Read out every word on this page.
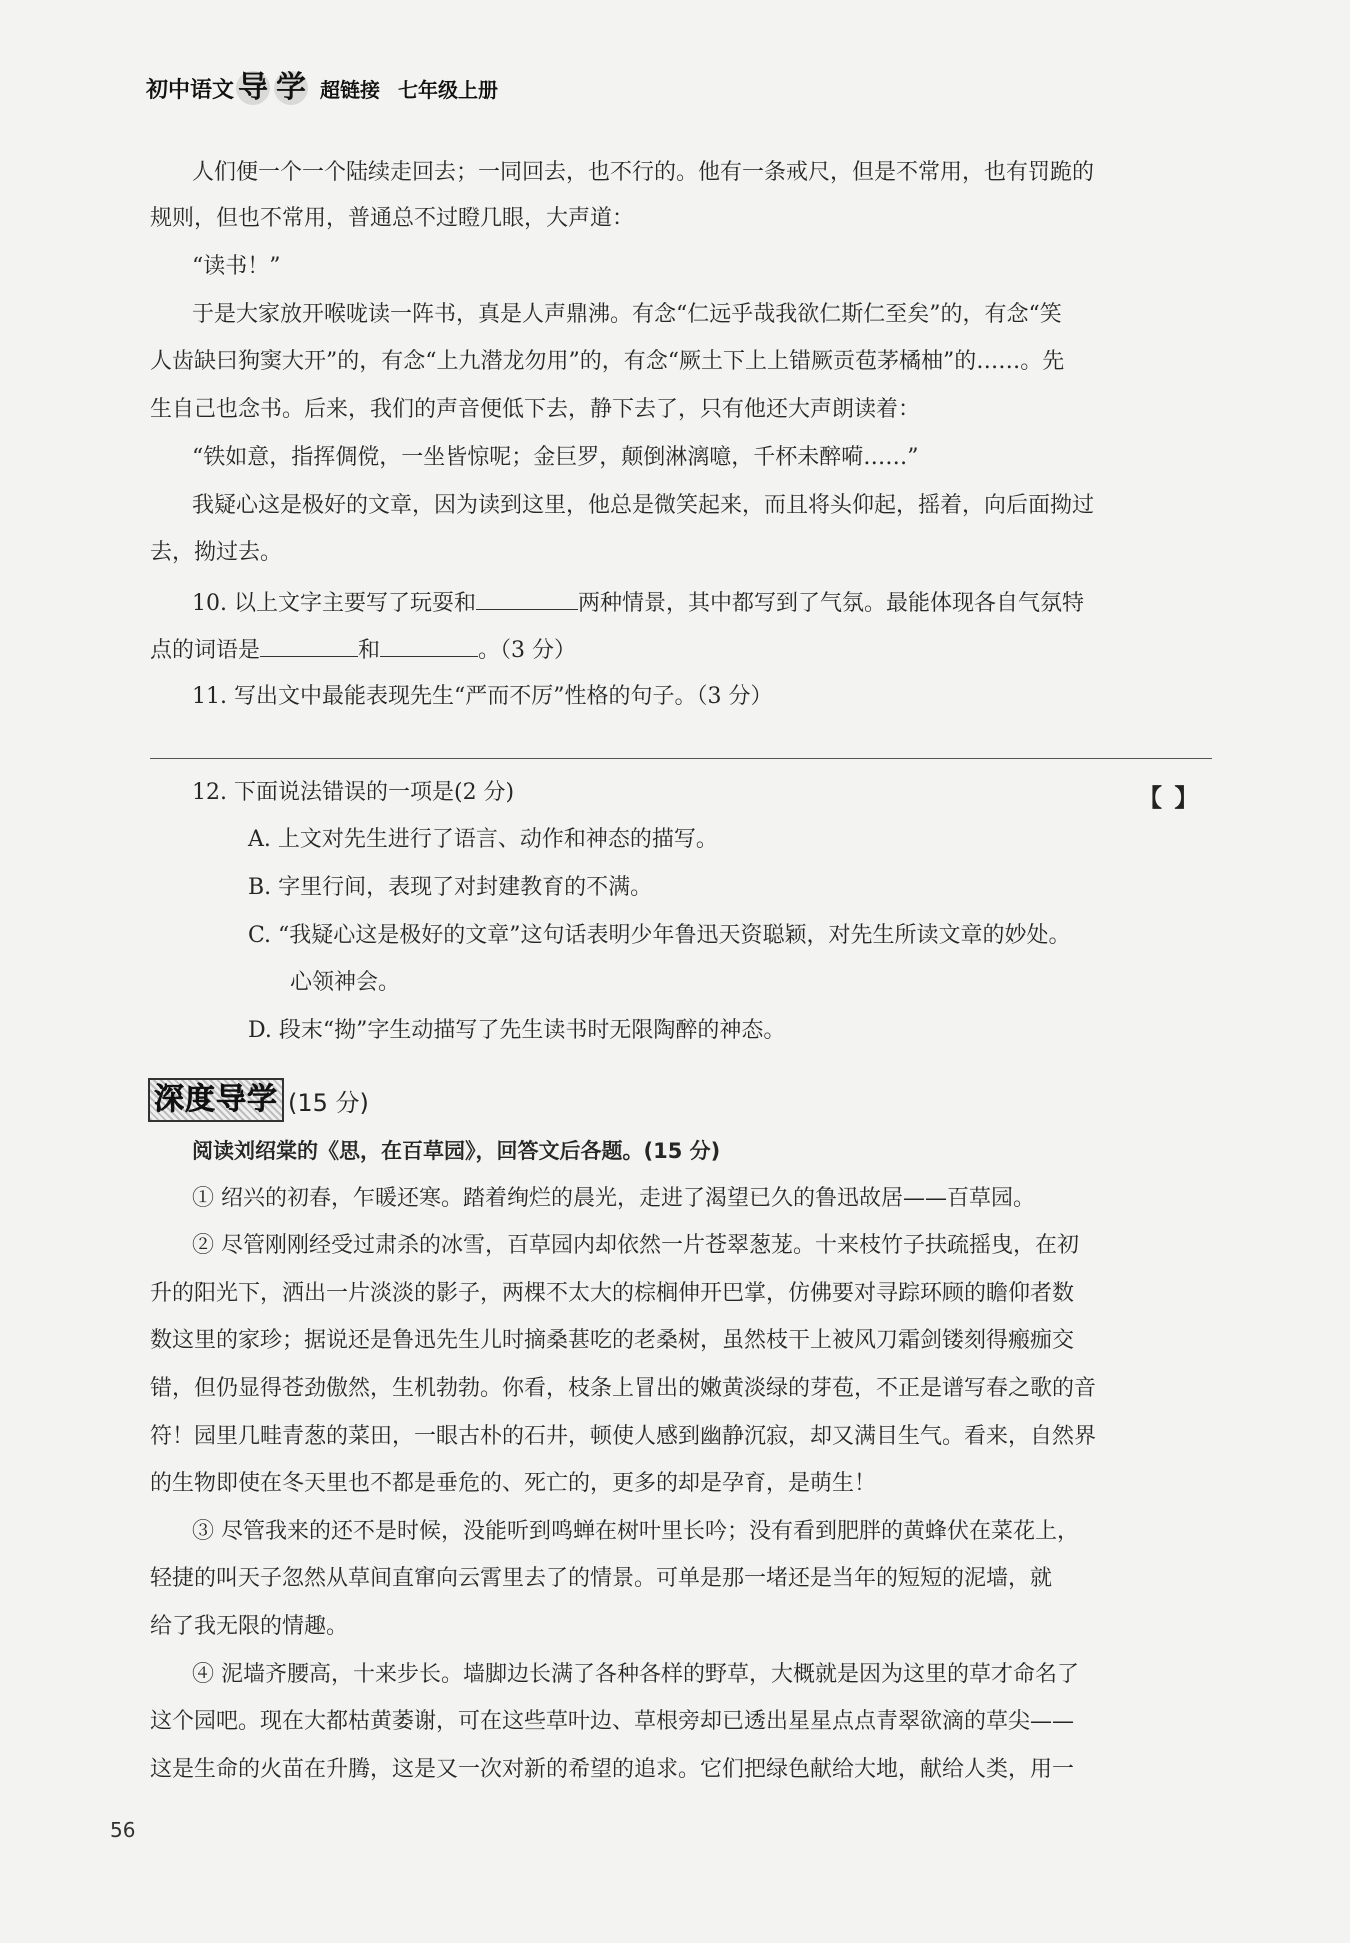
初中语文 导 学 超链接 七年级上册
人们便一个一个陆续走回去；一同回去，也不行的。他有一条戒尺，但是不常用，也有罚跪的
规则，但也不常用，普通总不过瞪几眼，大声道：
“读书！”
于是大家放开喉咙读一阵书，真是人声鼎沸。有念“仁远乎哉我欲仁斯仁至矣”的，有念“笑
人齿缺曰狗窦大开”的，有念“上九潜龙勿用”的，有念“厥土下上上错厥贡苞茅橘柚”的……。先
生自己也念书。后来，我们的声音便低下去，静下去了，只有他还大声朗读着：
“铁如意，指挥倜傥，一坐皆惊呢；金巨罗，颠倒淋漓噫，千杯未醉嗬……”
我疑心这是极好的文章，因为读到这里，他总是微笑起来，而且将头仰起，摇着，向后面拗过
去，拗过去。
10. 以上文字主要写了玩耍和	两种情景，其中都写到了气氛。最能体现各自气氛特
点的词语是	和	。（3 分）
11. 写出文中最能表现先生“严而不厉”性格的句子。（3 分）
12. 下面说法错误的一项是(2 分)	【 】
A. 上文对先生进行了语言、动作和神态的描写。
B. 字里行间，表现了对封建教育的不满。
C. “我疑心这是极好的文章”这句话表明少年鲁迅天资聪颖，对先生所读文章的妙处。
心领神会。
D. 段末“拗”字生动描写了先生读书时无限陶醉的神态。
深度导学 (15 分)
阅读刘绍棠的《思，在百草园》，回答文后各题。(15 分)
① 绍兴的初春，乍暖还寒。踏着绚烂的晨光，走进了渴望已久的鲁迅故居——百草园。
② 尽管刚刚经受过肃杀的冰雪，百草园内却依然一片苍翠葱茏。十来枝竹子扶疏摇曳，在初
升的阳光下，洒出一片淡淡的影子，两棵不太大的棕榈伸开巴掌，仿佛要对寻踪环顾的瞻仰者数
数这里的家珍；据说还是鲁迅先生儿时摘桑葚吃的老桑树，虽然枝干上被风刀霜剑镂刻得瘢痂交
错，但仍显得苍劲傲然，生机勃勃。你看，枝条上冒出的嫩黄淡绿的芽苞，不正是谱写春之歌的音
符！园里几畦青葱的菜田，一眼古朴的石井，顿使人感到幽静沉寂，却又满目生气。看来，自然界
的生物即使在冬天里也不都是垂危的、死亡的，更多的却是孕育，是萌生！
③ 尽管我来的还不是时候，没能听到鸣蝉在树叶里长吟；没有看到肥胖的黄蜂伏在菜花上，
轻捷的叫天子忽然从草间直窜向云霄里去了的情景。可单是那一堵还是当年的短短的泥墙，就
给了我无限的情趣。
④ 泥墙齐腰高，十来步长。墙脚边长满了各种各样的野草，大概就是因为这里的草才命名了
这个园吧。现在大都枯黄萎谢，可在这些草叶边、草根旁却已透出星星点点青翠欲滴的草尖——
这是生命的火苗在升腾，这是又一次对新的希望的追求。它们把绿色献给大地，献给人类，用一
56
